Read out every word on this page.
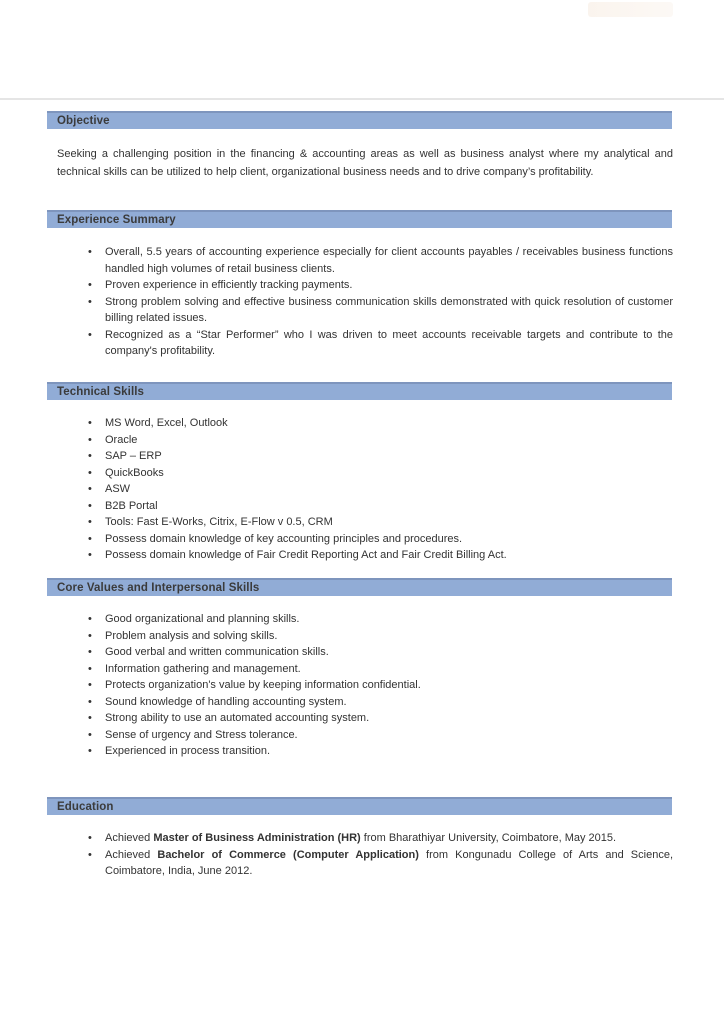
Objective
Seeking a challenging position in the financing & accounting areas as well as business analyst where my analytical and technical skills can be utilized to help client, organizational business needs and to drive company’s profitability.
Experience Summary
• Overall, 5.5 years of accounting experience especially for client accounts payables / receivables business functions handled high volumes of retail business clients.
• Proven experience in efficiently tracking payments.
• Strong problem solving and effective business communication skills demonstrated with quick resolution of customer billing related issues.
• Recognized as a “Star Performer” who I was driven to meet accounts receivable targets and contribute to the company's profitability.
Technical Skills
• MS Word, Excel, Outlook
• Oracle
• SAP – ERP
• QuickBooks
• ASW
• B2B Portal
• Tools: Fast E-Works, Citrix, E-Flow v 0.5, CRM
• Possess domain knowledge of key accounting principles and procedures.
• Possess domain knowledge of Fair Credit Reporting Act and Fair Credit Billing Act.
Core Values and Interpersonal Skills
• Good organizational and planning skills.
• Problem analysis and solving skills.
• Good verbal and written communication skills.
• Information gathering and management.
• Protects organization's value by keeping information confidential.
• Sound knowledge of handling accounting system.
• Strong ability to use an automated accounting system.
• Sense of urgency and Stress tolerance.
• Experienced in process transition.
Education
• Achieved Master of Business Administration (HR) from Bharathiyar University, Coimbatore, May 2015.
• Achieved Bachelor of Commerce (Computer Application) from Kongunadu College of Arts and Science, Coimbatore, India, June 2012.
